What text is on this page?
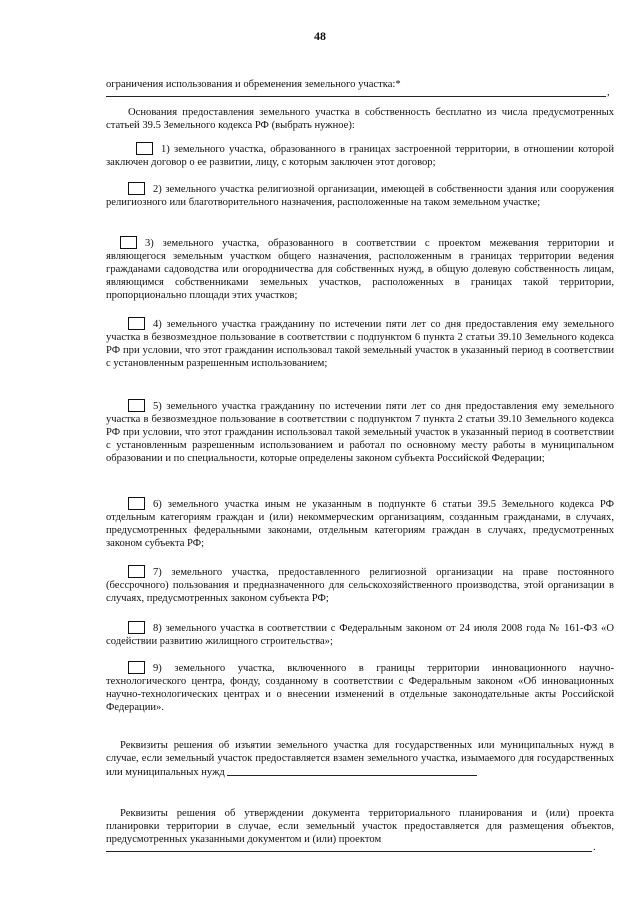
48

ограничения использования и обременения земельного участка:*

,

Основания предоставления земельного участка в собственность бесплатно из числа предусмотренных статьей 39.5 Земельного кодекса РФ (выбрать нужное):

1) земельного участка, образованного в границах застроенной территории, в отношении которой заключен договор о ее развитии, лицу, с которым заключен этот договор;

2) земельного участка религиозной организации, имеющей в собственности здания или сооружения религиозного или благотворительного назначения, расположенные на таком земельном участке;

3) земельного участка, образованного в соответствии с проектом межевания территории и являющегося земельным участком общего назначения, расположенным в границах территории ведения гражданами садоводства или огородничества для собственных нужд, в общую долевую собственность лицам, являющимся собственниками земельных участков, расположенных в границах такой территории, пропорционально площади этих участков;

4) земельного участка гражданину по истечении пяти лет со дня предоставления ему земельного участка в безвозмездное пользование в соответствии с подпунктом 6 пункта 2 статьи 39.10 Земельного кодекса РФ при условии, что этот гражданин использовал такой земельный участок в указанный период в соответствии с установленным разрешенным использованием;

5) земельного участка гражданину по истечении пяти лет со дня предоставления ему земельного участка в безвозмездное пользование в соответствии с подпунктом 7 пункта 2 статьи 39.10 Земельного кодекса РФ при условии, что этот гражданин использовал такой земельный участок в указанный период в соответствии с установленным разрешенным использованием и работал по основному месту работы в муниципальном образовании и по специальности, которые определены законом субъекта Российской Федерации;

6) земельного участка иным не указанным в подпункте 6 статьи 39.5 Земельного кодекса РФ отдельным категориям граждан и (или) некоммерческим организациям, созданным гражданами, в случаях, предусмотренных федеральными законами, отдельным категориям граждан в случаях, предусмотренных законом субъекта РФ;

7) земельного участка, предоставленного религиозной организации на праве постоянного (бессрочного) пользования и предназначенного для сельскохозяйственного производства, этой организации в случаях, предусмотренных законом субъекта РФ;

8) земельного участка в соответствии с Федеральным законом от 24 июля 2008 года № 161-ФЗ «О содействии развитию жилищного строительства»;

9) земельного участка, включенного в границы территории инновационного научно-технологического центра, фонду, созданному в соответствии с Федеральным законом «Об инновационных научно-технологических центрах и о внесении изменений в отдельные законодательные акты Российской Федерации».

Реквизиты решения об изъятии земельного участка для государственных или муниципальных нужд в случае, если земельный участок предоставляется взамен земельного участка, изымаемого для государственных или муниципальных нужд

Реквизиты решения об утверждении документа территориального планирования и (или) проекта планировки территории в случае, если земельный участок предоставляется для размещения объектов, предусмотренных указанными документом и (или) проектом

.
